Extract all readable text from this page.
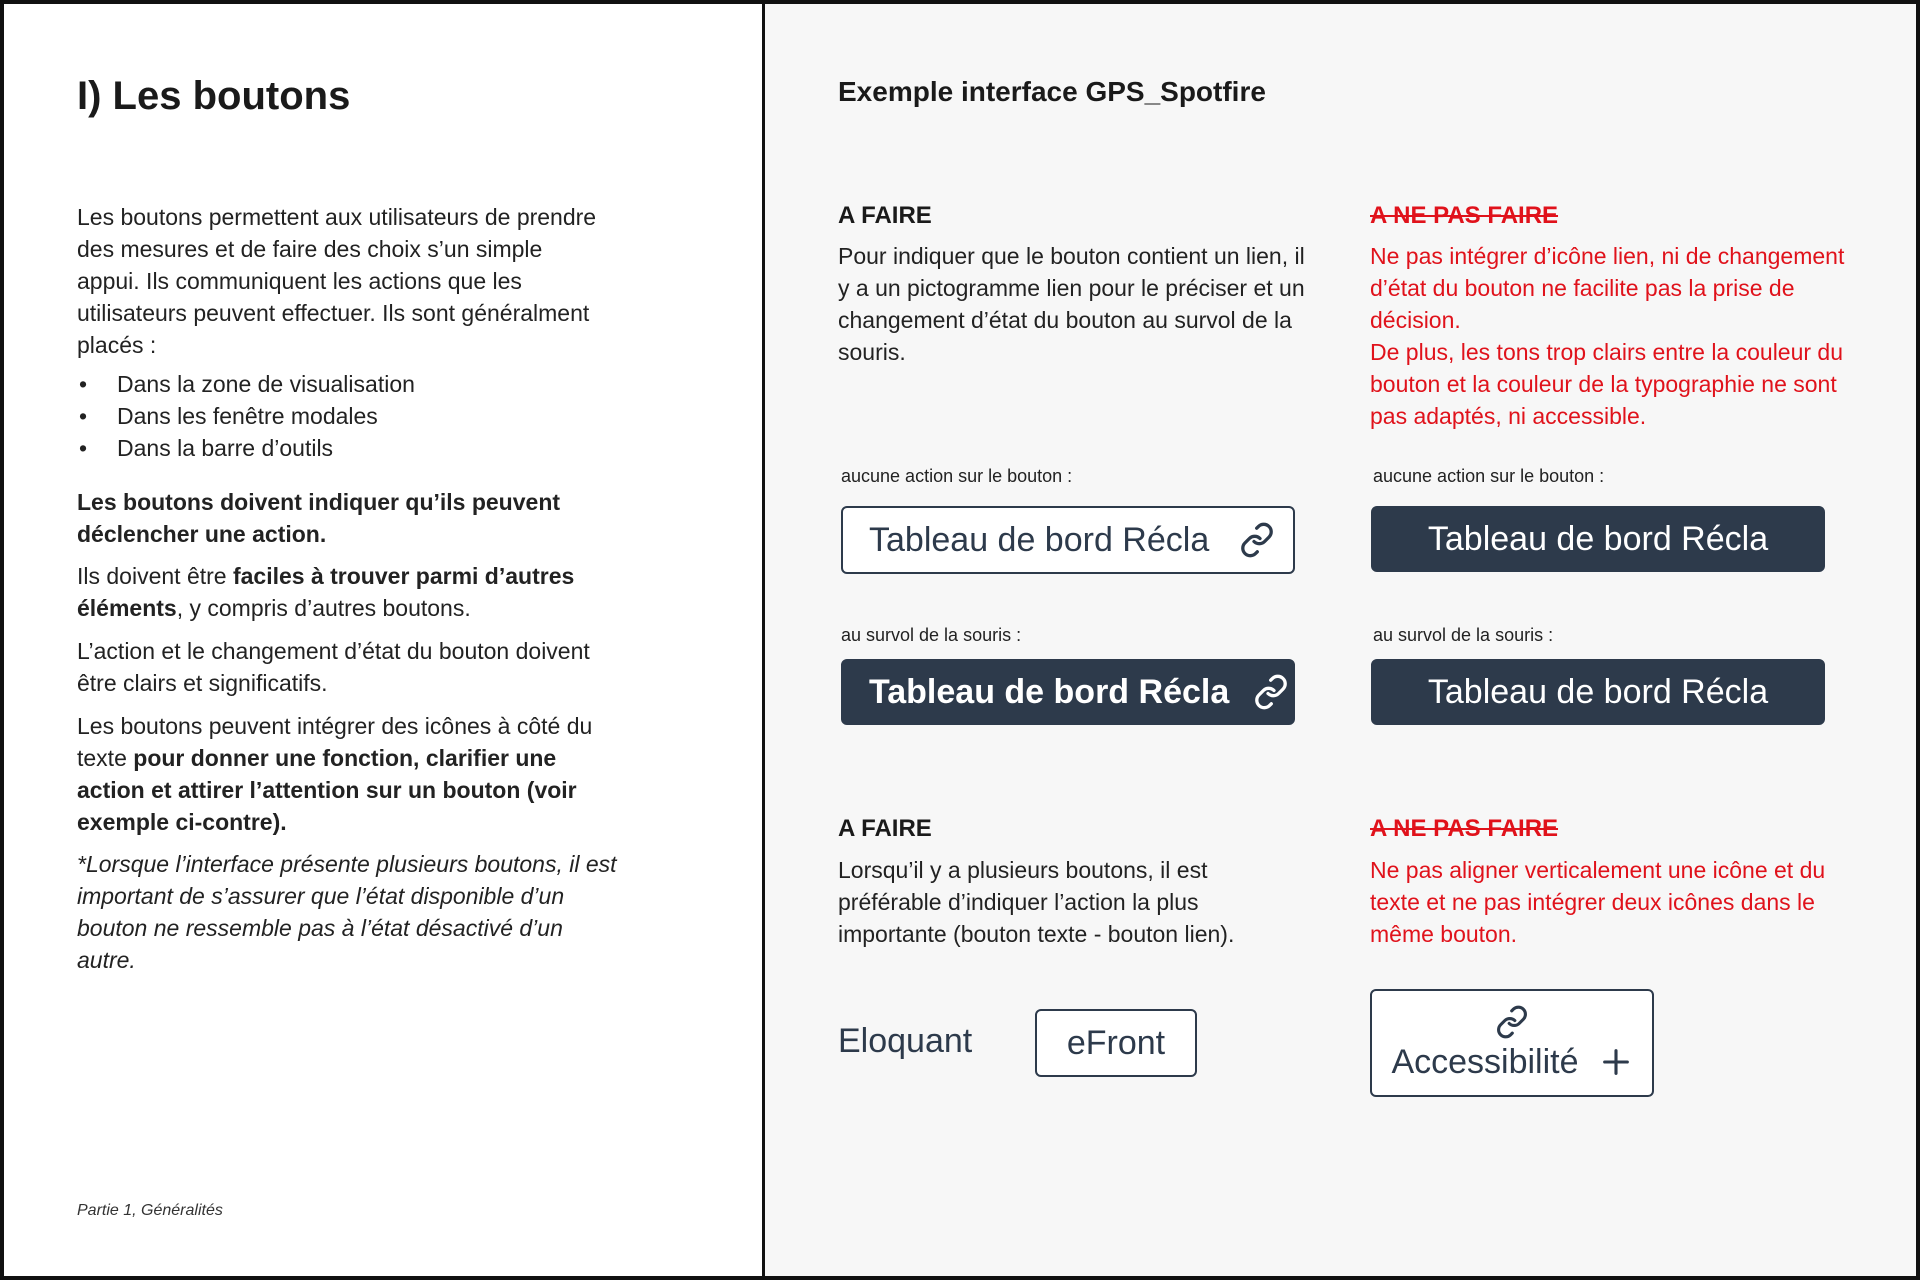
I) Les boutons
Les boutons permettent aux utilisateurs de prendre des mesures et de faire des choix s’un simple appui. Ils communiquent les actions que les utilisateurs peuvent effectuer. Ils sont généralment placés :
• Dans la zone de visualisation
• Dans les fenêtre modales
• Dans la barre d’outils
Les boutons doivent indiquer qu’ils peuvent déclencher une action.
Ils doivent être faciles à trouver parmi d’autres éléments, y compris d’autres boutons.
L’action et le changement d’état du bouton doivent être clairs et significatifs.
Les boutons peuvent intégrer des icônes à côté du texte pour donner une fonction, clarifier une action et attirer l’attention sur un bouton (voir exemple ci-contre).
*Lorsque l’interface présente plusieurs boutons, il est important de s’assurer que l’état disponible d’un bouton ne ressemble pas à l’état désactivé d’un autre.
Partie 1, Généralités
Exemple interface GPS_Spotfire
A FAIRE	A NE PAS FAIRE
Pour indiquer que le bouton contient un lien, il y a un pictogramme lien pour le préciser et un changement d’état du bouton au survol de la souris.
Ne pas intégrer d’icône lien, ni de changement d’état du bouton ne facilite pas la prise de décision.
De plus, les tons trop clairs entre la couleur du bouton et la couleur de la typographie ne sont pas adaptés, ni accessible.
aucune action sur le bouton :	aucune action sur le bouton :
Tableau de bord Récla	Tableau de bord Récla
au survol de la souris :	au survol de la souris :
Tableau de bord Récla	Tableau de bord Récla
A FAIRE	A NE PAS FAIRE
Lorsqu’il y a plusieurs boutons, il est préférable d’indiquer l’action la plus importante (bouton texte - bouton lien).
Ne pas aligner verticalement une icône et du texte et ne pas intégrer deux icônes dans le même bouton.
Eloquant	eFront	Accessibilité
